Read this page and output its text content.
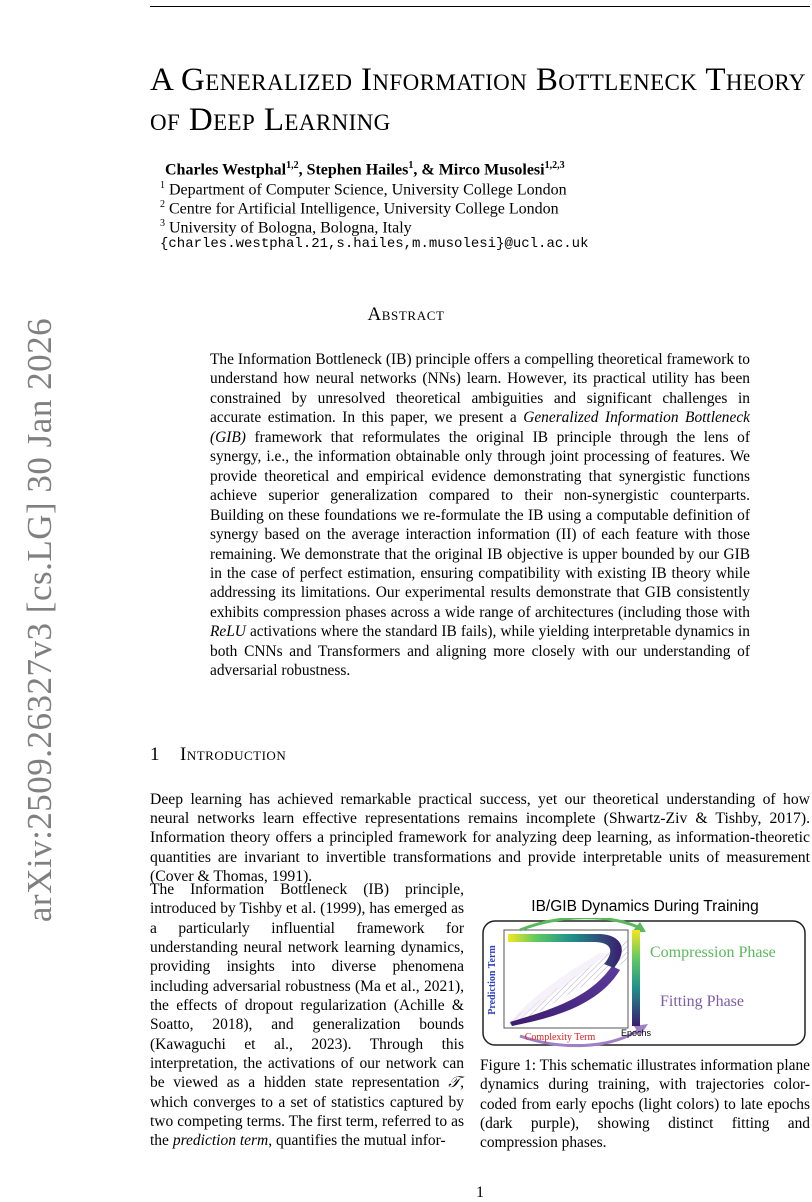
arXiv:2509.26327v3 [cs.LG] 30 Jan 2026
A Generalized Information Bottleneck Theory of Deep Learning
Charles Westphal$^{1,2}$, Stephen Hailes$^1$, & Mirco Musolesi$^{1,2,3}$
$^1$ Department of Computer Science, University College London
$^2$ Centre for Artificial Intelligence, University College London
$^3$ University of Bologna, Bologna, Italy
{charles.westphal.21,s.hailes,m.musolesi}@ucl.ac.uk
Abstract
The Information Bottleneck (IB) principle offers a compelling theoretical framework to understand how neural networks (NNs) learn. However, its practical utility has been constrained by unresolved theoretical ambiguities and significant challenges in accurate estimation. In this paper, we present a Generalized Information Bottleneck (GIB) framework that reformulates the original IB principle through the lens of synergy, i.e., the information obtainable only through joint processing of features. We provide theoretical and empirical evidence demonstrating that synergistic functions achieve superior generalization compared to their non-synergistic counterparts. Building on these foundations we re-formulate the IB using a computable definition of synergy based on the average interaction information (II) of each feature with those remaining. We demonstrate that the original IB objective is upper bounded by our GIB in the case of perfect estimation, ensuring compatibility with existing IB theory while addressing its limitations. Our experimental results demonstrate that GIB consistently exhibits compression phases across a wide range of architectures (including those with ReLU activations where the standard IB fails), while yielding interpretable dynamics in both CNNs and Transformers and aligning more closely with our understanding of adversarial robustness.
1 Introduction
Deep learning has achieved remarkable practical success, yet our theoretical understanding of how neural networks learn effective representations remains incomplete (Shwartz-Ziv & Tishby, 2017). Information theory offers a principled framework for analyzing deep learning, as information-theoretic quantities are invariant to invertible transformations and provide interpretable units of measurement (Cover & Thomas, 1991).
The Information Bottleneck (IB) principle, introduced by Tishby et al. (1999), has emerged as a particularly influential framework for understanding neural network learning dynamics, providing insights into diverse phenomena including adversarial robustness (Ma et al., 2021), the effects of dropout regularization (Achille & Soatto, 2018), and generalization bounds (Kawaguchi et al., 2023). Through this interpretation, the activations of our network can be viewed as a hidden state representation 𝒯, which converges to a set of statistics captured by two competing terms. The first term, referred to as the prediction term, quantifies the mutual infor-
IB/GIB Dynamics During Training
Prediction Term
Complexity Term	Epochs
Compression Phase
Fitting Phase
Figure 1: This schematic illustrates information plane dynamics during training, with trajectories color-coded from early epochs (light colors) to late epochs (dark purple), showing distinct fitting and compression phases.
1
